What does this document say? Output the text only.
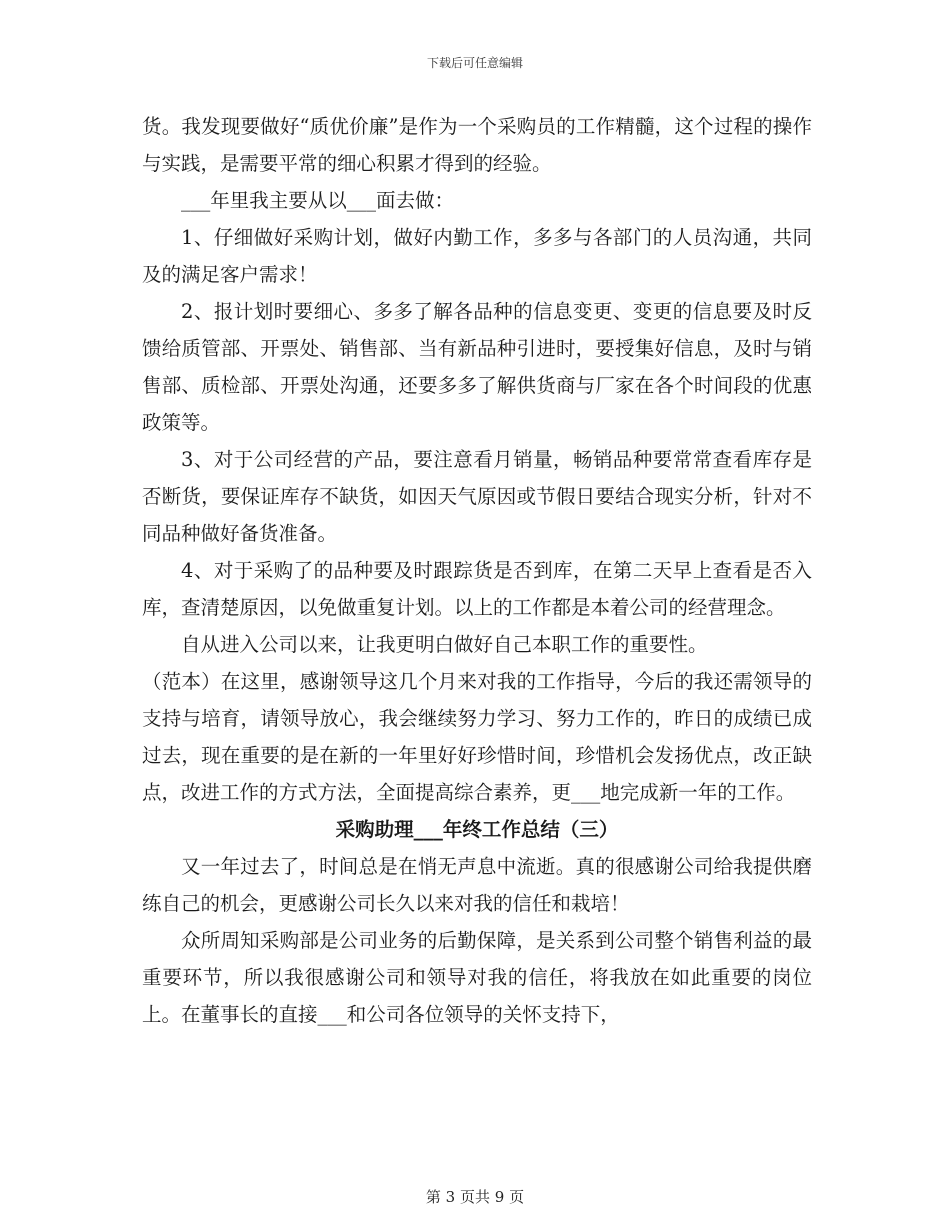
下载后可任意编辑

货。我发现要做好“质优价廉”是作为一个采购员的工作精髓，这个过程的操作与实践，是需要平常的细心积累才得到的经验。

___年里我主要从以___面去做：

1、仔细做好采购计划，做好内勤工作，多多与各部门的人员沟通，共同及的满足客户需求！

2、报计划时要细心、多多了解各品种的信息变更、变更的信息要及时反馈给质管部、开票处、销售部、当有新品种引进时，要授集好信息，及时与销售部、质检部、开票处沟通，还要多多了解供货商与厂家在各个时间段的优惠政策等。

3、对于公司经营的产品，要注意看月销量，畅销品种要常常查看库存是否断货，要保证库存不缺货，如因天气原因或节假日要结合现实分析，针对不同品种做好备货准备。

4、对于采购了的品种要及时跟踪货是否到库，在第二天早上查看是否入库，查清楚原因，以免做重复计划。以上的工作都是本着公司的经营理念。

自从进入公司以来，让我更明白做好自己本职工作的重要性。

（范本）在这里，感谢领导这几个月来对我的工作指导，今后的我还需领导的支持与培育，请领导放心，我会继续努力学习、努力工作的，昨日的成绩已成过去，现在重要的是在新的一年里好好珍惜时间，珍惜机会发扬优点，改正缺点，改进工作的方式方法，全面提高综合素养，更___地完成新一年的工作。

采购助理___年终工作总结（三）

又一年过去了，时间总是在悄无声息中流逝。真的很感谢公司给我提供磨练自己的机会，更感谢公司长久以来对我的信任和栽培！

众所周知采购部是公司业务的后勤保障，是关系到公司整个销售利益的最重要环节，所以我很感谢公司和领导对我的信任，将我放在如此重要的岗位上。在董事长的直接___和公司各位领导的关怀支持下，

第 3 页共 9 页
